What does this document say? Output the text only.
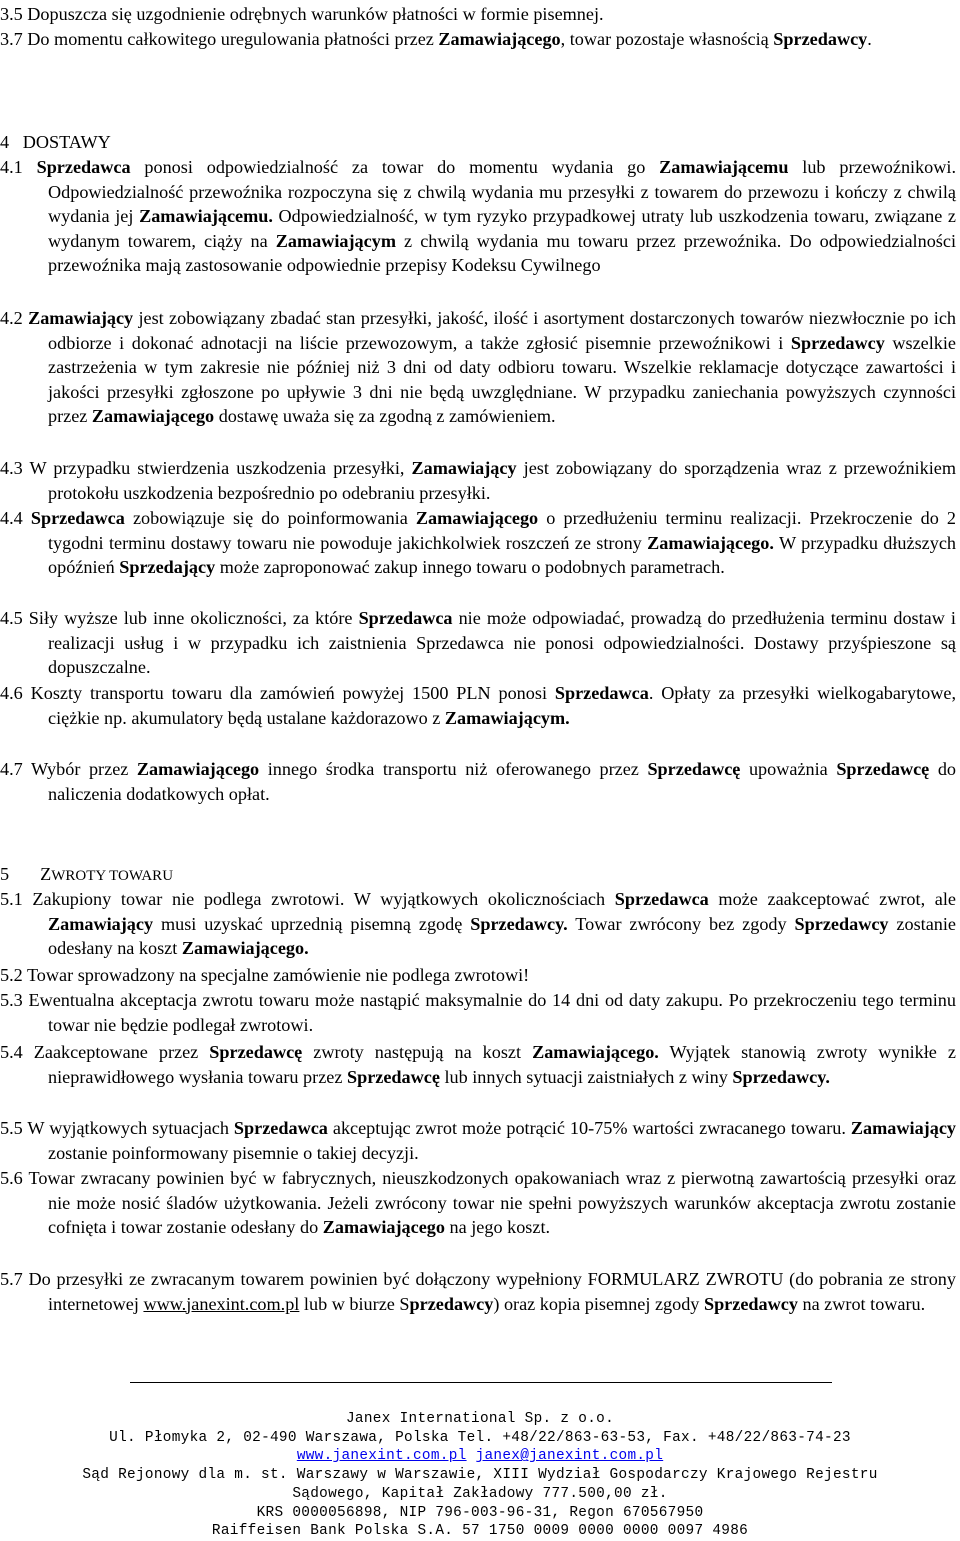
3.5 Dopuszcza się uzgodnienie odrębnych warunków płatności w formie pisemnej.
3.7 Do momentu całkowitego uregulowania płatności przez Zamawiającego, towar pozostaje własnością Sprzedawcy.
4   DOSTAWY
4.1 Sprzedawca ponosi odpowiedzialność za towar do momentu wydania go Zamawiającemu lub przewoźnikowi. Odpowiedzialność przewoźnika rozpoczyna się z chwilą wydania mu przesyłki z towarem do przewozu i kończy z chwilą wydania jej Zamawiającemu. Odpowiedzialność, w tym ryzyko przypadkowej utraty lub uszkodzenia towaru, związane z wydanym towarem, ciąży na Zamawiającym z chwilą wydania mu towaru przez przewoźnika. Do odpowiedzialności przewoźnika mają zastosowanie odpowiednie przepisy Kodeksu Cywilnego
4.2 Zamawiający jest zobowiązany zbadać stan przesyłki, jakość, ilość i asortyment dostarczonych towarów niezwłocznie po ich odbiorze i dokonać adnotacji na liście przewozowym, a także zgłosić pisemnie przewoźnikowi i Sprzedawcy wszelkie zastrzeżenia w tym zakresie nie później niż 3 dni od daty odbioru towaru. Wszelkie reklamacje dotyczące zawartości i jakości przesyłki zgłoszone po upływie 3 dni nie będą uwzględniane. W przypadku zaniechania powyższych czynności przez Zamawiającego dostawę uważa się za zgodną z zamówieniem.
4.3 W przypadku stwierdzenia uszkodzenia przesyłki, Zamawiający jest zobowiązany do sporządzenia wraz z przewoźnikiem protokołu uszkodzenia bezpośrednio po odebraniu przesyłki.
4.4 Sprzedawca zobowiązuje się do poinformowania Zamawiającego o przedłużeniu terminu realizacji. Przekroczenie do 2 tygodni terminu dostawy towaru nie powoduje jakichkolwiek roszczeń ze strony Zamawiającego. W przypadku dłuższych opóźnień Sprzedający może zaproponować zakup innego towaru o podobnych parametrach.
4.5 Siły wyższe lub inne okoliczności, za które Sprzedawca nie może odpowiadać, prowadzą do przedłużenia terminu dostaw i realizacji usług i w przypadku ich zaistnienia Sprzedawca nie ponosi odpowiedzialności. Dostawy przyśpieszone są dopuszczalne.
4.6 Koszty transportu towaru dla zamówień powyżej 1500 PLN ponosi Sprzedawca. Opłaty za przesyłki wielkogabarytowe, ciężkie np. akumulatory będą ustalane każdorazowo z Zamawiającym.
4.7 Wybór przez Zamawiającego innego środka transportu niż oferowanego przez Sprzedawcę upoważnia Sprzedawcę do naliczenia dodatkowych opłat.
5 ZWROTY TOWARU
5.1 Zakupiony towar nie podlega zwrotowi. W wyjątkowych okolicznościach Sprzedawca może zaakceptować zwrot, ale Zamawiający musi uzyskać uprzednią pisemną zgodę Sprzedawcy. Towar zwrócony bez zgody Sprzedawcy zostanie odesłany na koszt Zamawiającego.
5.2 Towar sprowadzony na specjalne zamówienie nie podlega zwrotowi!
5.3 Ewentualna akceptacja zwrotu towaru może nastąpić maksymalnie do 14 dni od daty zakupu. Po przekroczeniu tego terminu towar nie będzie podlegał zwrotowi.
5.4 Zaakceptowane przez Sprzedawcę zwroty następują na koszt Zamawiającego. Wyjątek stanowią zwroty wynikłe z nieprawidłowego wysłania towaru przez Sprzedawcę lub innych sytuacji zaistniałych z winy Sprzedawcy.
5.5 W wyjątkowych sytuacjach Sprzedawca akceptując zwrot może potrącić 10-75% wartości zwracanego towaru. Zamawiający zostanie poinformowany pisemnie o takiej decyzji.
5.6 Towar zwracany powinien być w fabrycznych, nieuszkodzonych opakowaniach wraz z pierwotną zawartością przesyłki oraz nie może nosić śladów użytkowania. Jeżeli zwrócony towar nie spełni powyższych warunków akceptacja zwrotu zostanie cofnięta i towar zostanie odesłany do Zamawiającego na jego koszt.
5.7 Do przesyłki ze zwracanym towarem powinien być dołączony wypełniony FORMULARZ ZWROTU (do pobrania ze strony internetowej www.janexint.com.pl lub w biurze Sprzedawcy) oraz kopia pisemnej zgody Sprzedawcy na zwrot towaru.
Janex International Sp. z o.o.
Ul. Płomyka 2, 02-490 Warszawa, Polska Tel. +48/22/863-63-53, Fax. +48/22/863-74-23
www.janexint.com.pl janex@janexint.com.pl
Sąd Rejonowy dla m. st. Warszawy w Warszawie, XIII Wydział Gospodarczy Krajowego Rejestru
Sądowego, Kapitał Zakładowy 777.500,00 zł.
KRS 0000056898, NIP 796-003-96-31, Regon 670567950
Raiffeisen Bank Polska S.A. 57 1750 0009 0000 0000 0097 4986
